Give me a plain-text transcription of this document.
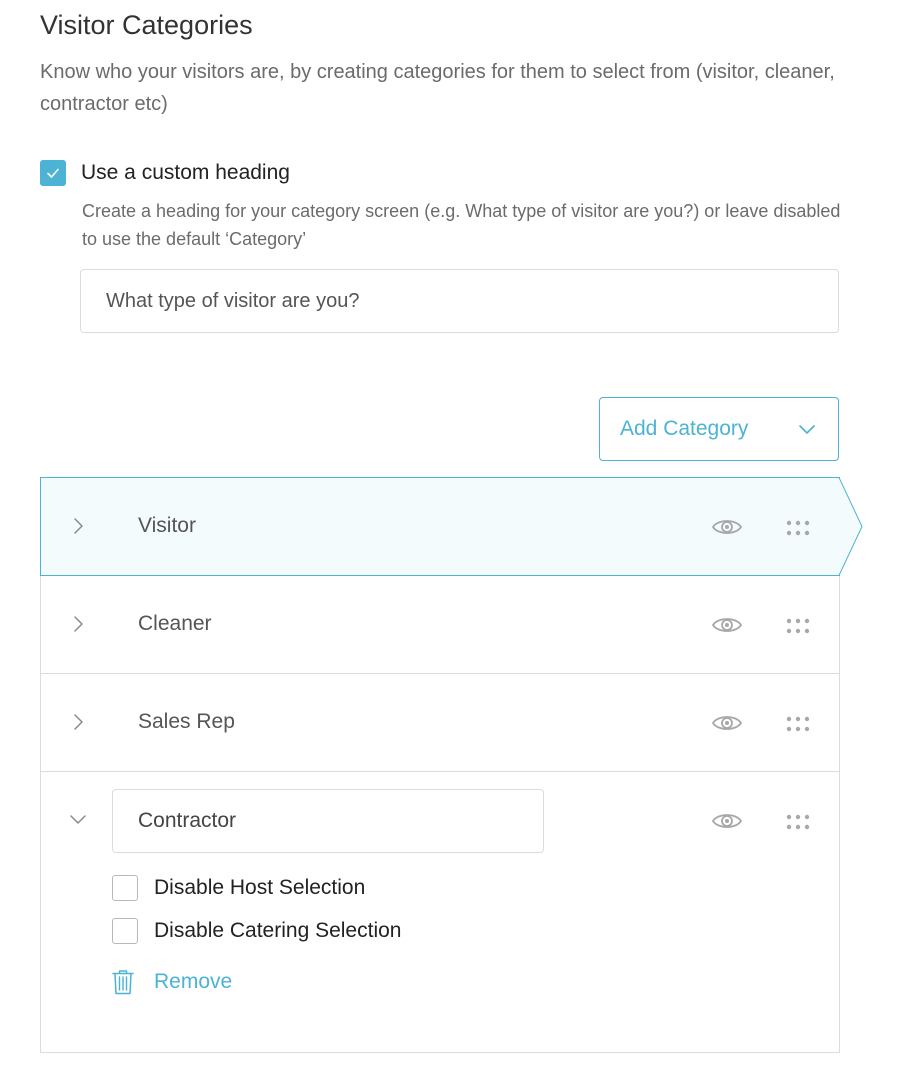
Visitor Categories
Know who your visitors are, by creating categories for them to select from (visitor, cleaner, contractor etc)
Use a custom heading
Create a heading for your category screen (e.g. What type of visitor are you?) or leave disabled to use the default ‘Category’
What type of visitor are you?
Add Category
Visitor
Cleaner
Sales Rep
Contractor
Disable Host Selection
Disable Catering Selection
Remove
